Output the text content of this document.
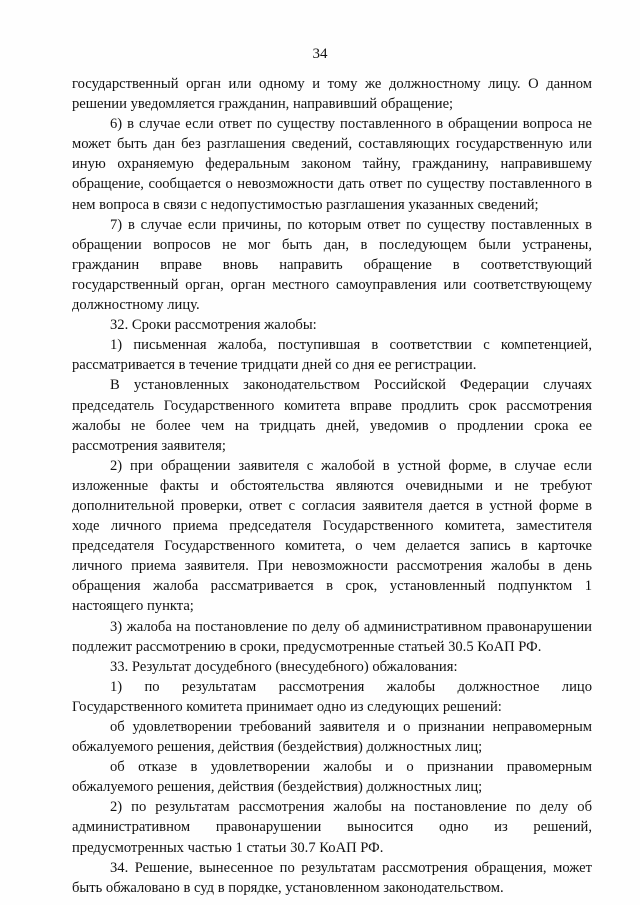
34

государственный орган или одному и тому же должностному лицу. О данном решении уведомляется гражданин, направивший обращение;

6) в случае если ответ по существу поставленного в обращении вопроса не может быть дан без разглашения сведений, составляющих государственную или иную охраняемую федеральным законом тайну, гражданину, направившему обращение, сообщается о невозможности дать ответ по существу поставленного в нем вопроса в связи с недопустимостью разглашения указанных сведений;

7) в случае если причины, по которым ответ по существу поставленных в обращении вопросов не мог быть дан, в последующем были устранены, гражданин вправе вновь направить обращение в соответствующий государственный орган, орган местного самоуправления или соответствующему должностному лицу.

32. Сроки рассмотрения жалобы:

1) письменная жалоба, поступившая в соответствии с компетенцией, рассматривается в течение тридцати дней со дня ее регистрации.

В установленных законодательством Российской Федерации случаях председатель Государственного комитета вправе продлить срок рассмотрения жалобы не более чем на тридцать дней, уведомив о продлении срока ее рассмотрения заявителя;

2) при обращении заявителя с жалобой в устной форме, в случае если изложенные факты и обстоятельства являются очевидными и не требуют дополнительной проверки, ответ с согласия заявителя дается в устной форме в ходе личного приема председателя Государственного комитета, заместителя председателя Государственного комитета, о чем делается запись в карточке личного приема заявителя. При невозможности рассмотрения жалобы в день обращения жалоба рассматривается в срок, установленный подпунктом 1 настоящего пункта;

3) жалоба на постановление по делу об административном правонарушении подлежит рассмотрению в сроки, предусмотренные статьей 30.5 КоАП РФ.

33. Результат досудебного (внесудебного) обжалования:

1) по результатам рассмотрения жалобы должностное лицо Государственного комитета принимает одно из следующих решений:

об удовлетворении требований заявителя и о признании неправомерным обжалуемого решения, действия (бездействия) должностных лиц;

об отказе в удовлетворении жалобы и о признании правомерным обжалуемого решения, действия (бездействия) должностных лиц;

2) по результатам рассмотрения жалобы на постановление по делу об административном правонарушении выносится одно из решений, предусмотренных частью 1 статьи 30.7 КоАП РФ.

34. Решение, вынесенное по результатам рассмотрения обращения, может быть обжаловано в суд в порядке, установленном законодательством.
